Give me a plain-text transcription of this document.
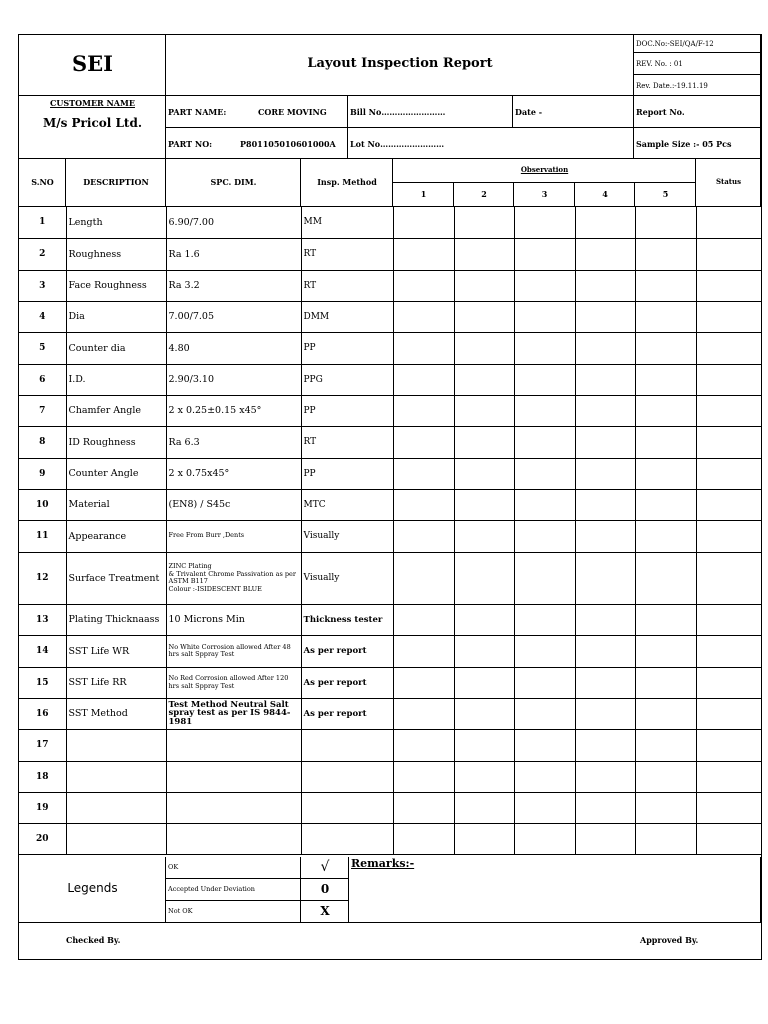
SEI	Layout Inspection Report
DOC.No:-SEI/QA/F-12
REV. No. : 01
Rev. Date.:-19.11.19
CUSTOMER NAME
M/s Pricol Ltd.
PART NAME:	CORE MOVING	Bill No……………………	Date -	Report No.
PART NO:	P801105010601000A Lot No……………………	Sample Size :- 05 Pcs
S.NO	DESCRIPTION	SPC. DIM.	Insp. Method
Observation
1	2	3	4	5
Status
1	Length	6.90/7.00	MM						
2	Roughness	Ra 1.6	RT						
3	Face Roughness	Ra 3.2	RT						
4	Dia	7.00/7.05	DMM						
5	Counter dia	4.80	PP						
6	I.D.	2.90/3.10	PPG						
7	Chamfer Angle	2 x 0.25±0.15 x45°	PP						
8	ID Roughness	Ra 6.3	RT						
9	Counter Angle	2 x 0.75x45°	PP						
10	Material	(EN8) / S45c	MTC						
11	Appearance	Free From Burr ,Dents	Visually						
12	Surface Treatment	ZINC Plating
& Trivalent Chrome Passivation as per ASTM B117
Colour :-ISIDESCENT BLUE	Visually						
13	Plating Thicknaass	10 Microns Min	Thickness tester						
14	SST Life WR	No White Corrosion allowed After 48 hrs salt Sppray Test	As per report						
15	SST Life RR	No Red Corrosion allowed After 120 hrs salt Sppray Test	As per report						
16	SST Method	Test Method Neutral Salt spray test as per IS 9844-1981	As per report						
17									
18									
19									
20									
Legends
OK	√
Accepted Under Deviation	0
Not OK	X
Remarks:-
Checked By.	Approved By.
